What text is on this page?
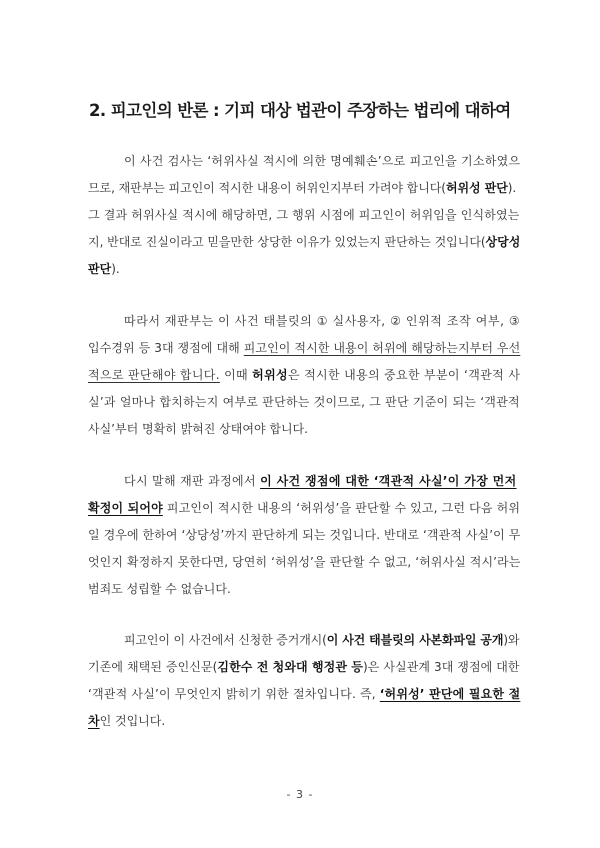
2. 피고인의 반론 : 기피 대상 법관이 주장하는 법리에 대하여
이 사건 검사는 ‘허위사실 적시에 의한 명예훼손’으로 피고인을 기소하였으
므로, 재판부는 피고인이 적시한 내용이 허위인지부터 가려야 합니다(허위성 판단).
그 결과 허위사실 적시에 해당하면, 그 행위 시점에 피고인이 허위임을 인식하였는
지, 반대로 진실이라고 믿을만한 상당한 이유가 있었는지 판단하는 것입니다(상당성
판단).
따라서 재판부는 이 사건 태블릿의 ① 실사용자, ② 인위적 조작 여부, ③
입수경위 등 3대 쟁점에 대해 피고인이 적시한 내용이 허위에 해당하는지부터 우선
적으로 판단해야 합니다. 이때 허위성은 적시한 내용의 중요한 부분이 ‘객관적 사
실’과 얼마나 합치하는지 여부로 판단하는 것이므로, 그 판단 기준이 되는 ‘객관적
사실’부터 명확히 밝혀진 상태여야 합니다.
다시 말해 재판 과정에서 이 사건 쟁점에 대한 ‘객관적 사실’이 가장 먼저
확정이 되어야 피고인이 적시한 내용의 ‘허위성’을 판단할 수 있고, 그런 다음 허위
일 경우에 한하여 ‘상당성’까지 판단하게 되는 것입니다. 반대로 ‘객관적 사실’이 무
엇인지 확정하지 못한다면, 당연히 ‘허위성’을 판단할 수 없고, ‘허위사실 적시’라는
범죄도 성립할 수 없습니다.
피고인이 이 사건에서 신청한 증거개시(이 사건 태블릿의 사본화파일 공개)와
기존에 채택된 증인신문(김한수 전 청와대 행정관 등)은 사실관계 3대 쟁점에 대한
‘객관적 사실’이 무엇인지 밝히기 위한 절차입니다. 즉, ‘허위성’ 판단에 필요한 절
차인 것입니다.
- 3 -
